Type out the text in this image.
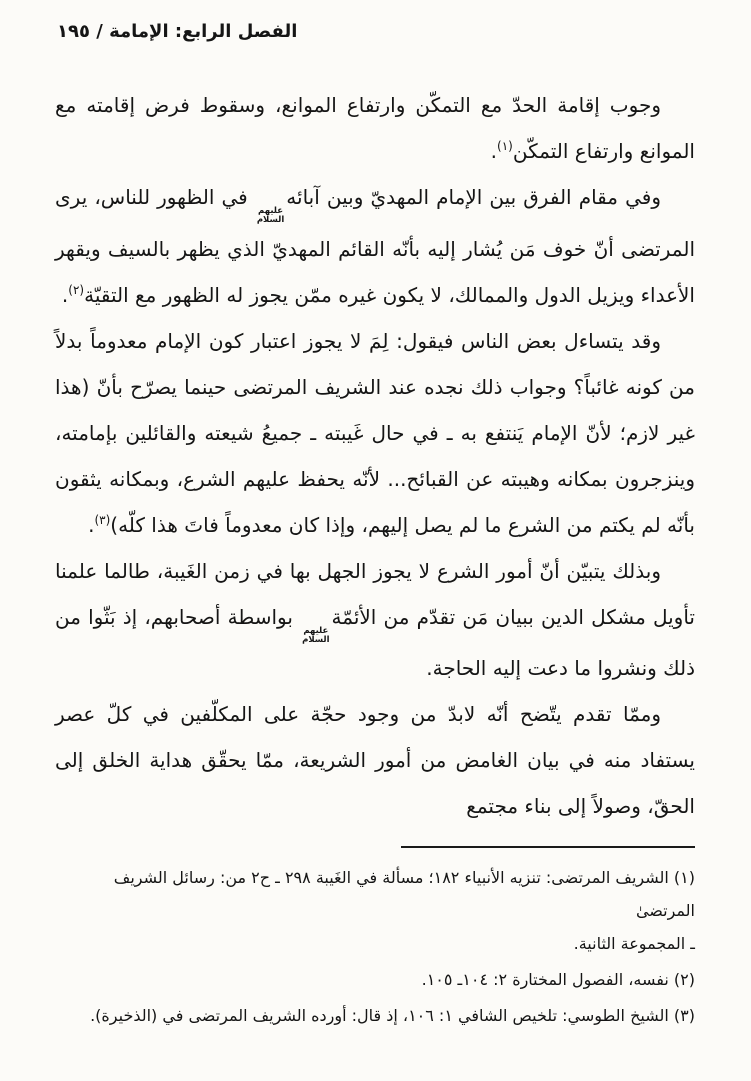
الفصل الرابع: الإمامة / ١٩٥

وجوب إقامة الحدّ مع التمكّن وارتفاع الموانع، وسقوط فرض إقامته مع الموانع وارتفاع التمكّن$^{(١)}$.

وفي مقام الفرق بين الإمام المهديّ وبين آبائه
عليهم
السلام
في الظهور للناس، يرى المرتضى أنّ خوف مَن يُشار إليه بأنّه القائم المهديّ الذي يظهر بالسيف ويقهر الأعداء ويزيل الدول والممالك، لا يكون غيره ممّن يجوز له الظهور مع التقيّة$^{(٢)}$.

وقد يتساءل بعض الناس فيقول: لِمَ لا يجوز اعتبار كون الإمام معدوماً بدلاً من كونه غائباً؟ وجواب ذلك نجده عند الشريف المرتضى حينما يصرّح بأنّ (هذا غير لازم؛ لأنّ الإمام يَنتفع به ـ في حال غَيبته ـ جميعُ شيعته والقائلين بإمامته، وينزجرون بمكانه وهيبته عن القبائح... لأنّه يحفظ عليهم الشرع، وبمكانه يثقون بأنّه لم يكتم من الشرع ما لم يصل إليهم، وإذا كان معدوماً فاتَ هذا كلّه)$^{(٣)}$.

وبذلك يتبيّن أنّ أمور الشرع لا يجوز الجهل بها في زمن الغَيبة، طالما علمنا تأويل مشكل الدين ببيان مَن تقدّم من الأئمّة
عليهم
السلام
بواسطة أصحابهم، إذ بَثّوا من ذلك ونشروا ما دعت إليه الحاجة.

وممّا تقدم يتّضح أنّه لابدّ من وجود حجّة على المكلّفين في كلّ عصر يستفاد منه في بيان الغامض من أمور الشريعة، ممّا يحقّق هداية الخلق إلى الحقّ، وصولاً إلى بناء مجتمع

(١) الشريف المرتضى: تنزيه الأنبياء ١٨٢؛ مسألة في الغَيبة ٢٩٨ ـ ح٢ من: رسائل الشريف المرتضىٰ
ـ المجموعة الثانية.
(٢) نفسه، الفصول المختارة ٢: ١٠٤ـ ١٠٥.
(٣) الشيخ الطوسي: تلخيص الشافي ١: ١٠٦، إذ قال: أورده الشريف المرتضى في (الذخيرة).
